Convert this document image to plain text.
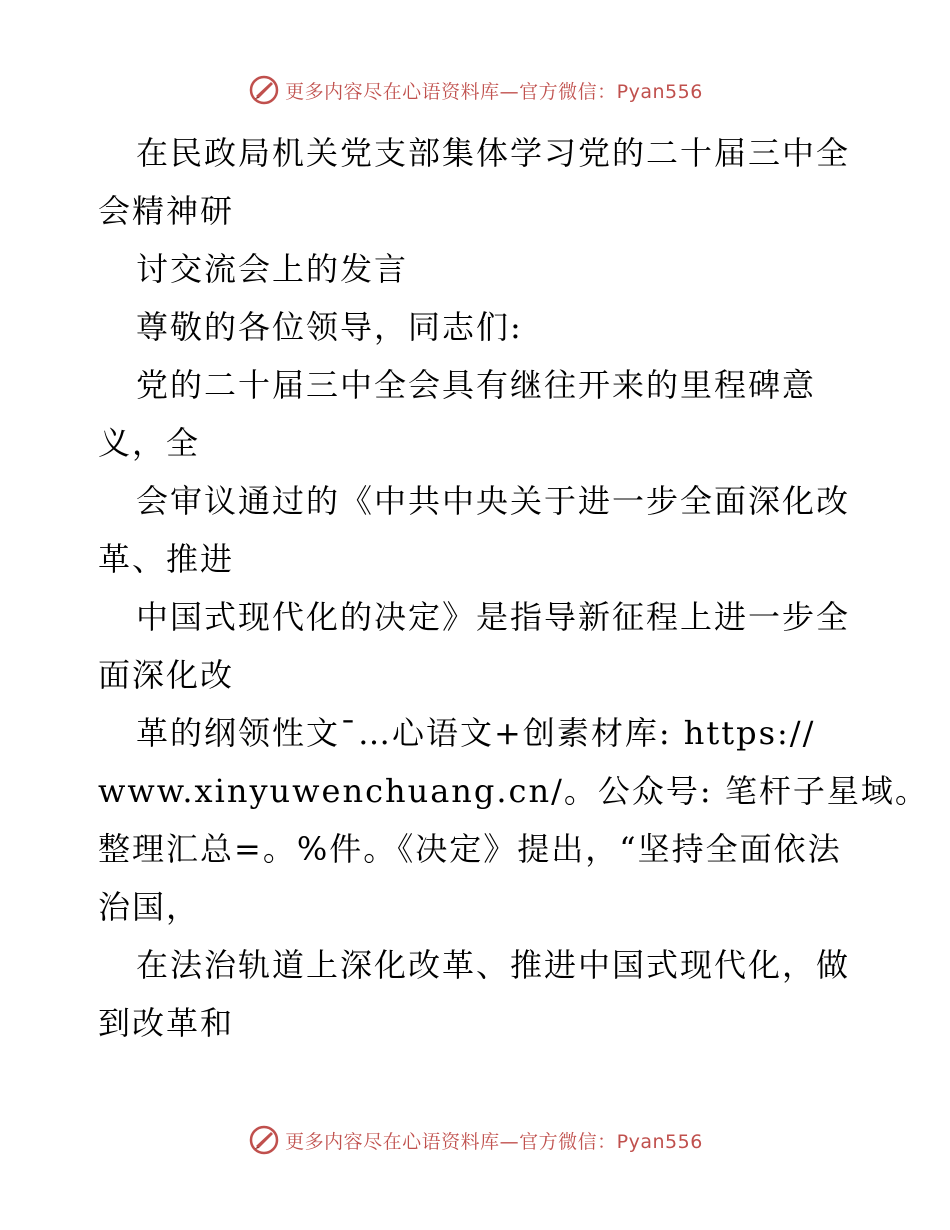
更多内容尽在心语资料库—官方微信：Pyan556
在民政局机关党支部集体学习党的二十届三中全
会精神研
讨交流会上的发言
尊敬的各位领导，同志们:
党的二十届三中全会具有继往开来的里程碑意
义，全
会审议通过的《中共中央关于进一步全面深化改
革、推进
中国式现代化的决定》是指导新征程上进一步全
面深化改
革的纲领性文¯…心语文+创素材库: https://
www.xinyuwenchuang.cn/。公众号: 笔杆子星域。
整理汇总=。%件。《决定》提出，“坚持全面依法
治国，
在法治轨道上深化改革、推进中国式现代化，做
到改革和
更多内容尽在心语资料库—官方微信：Pyan556
